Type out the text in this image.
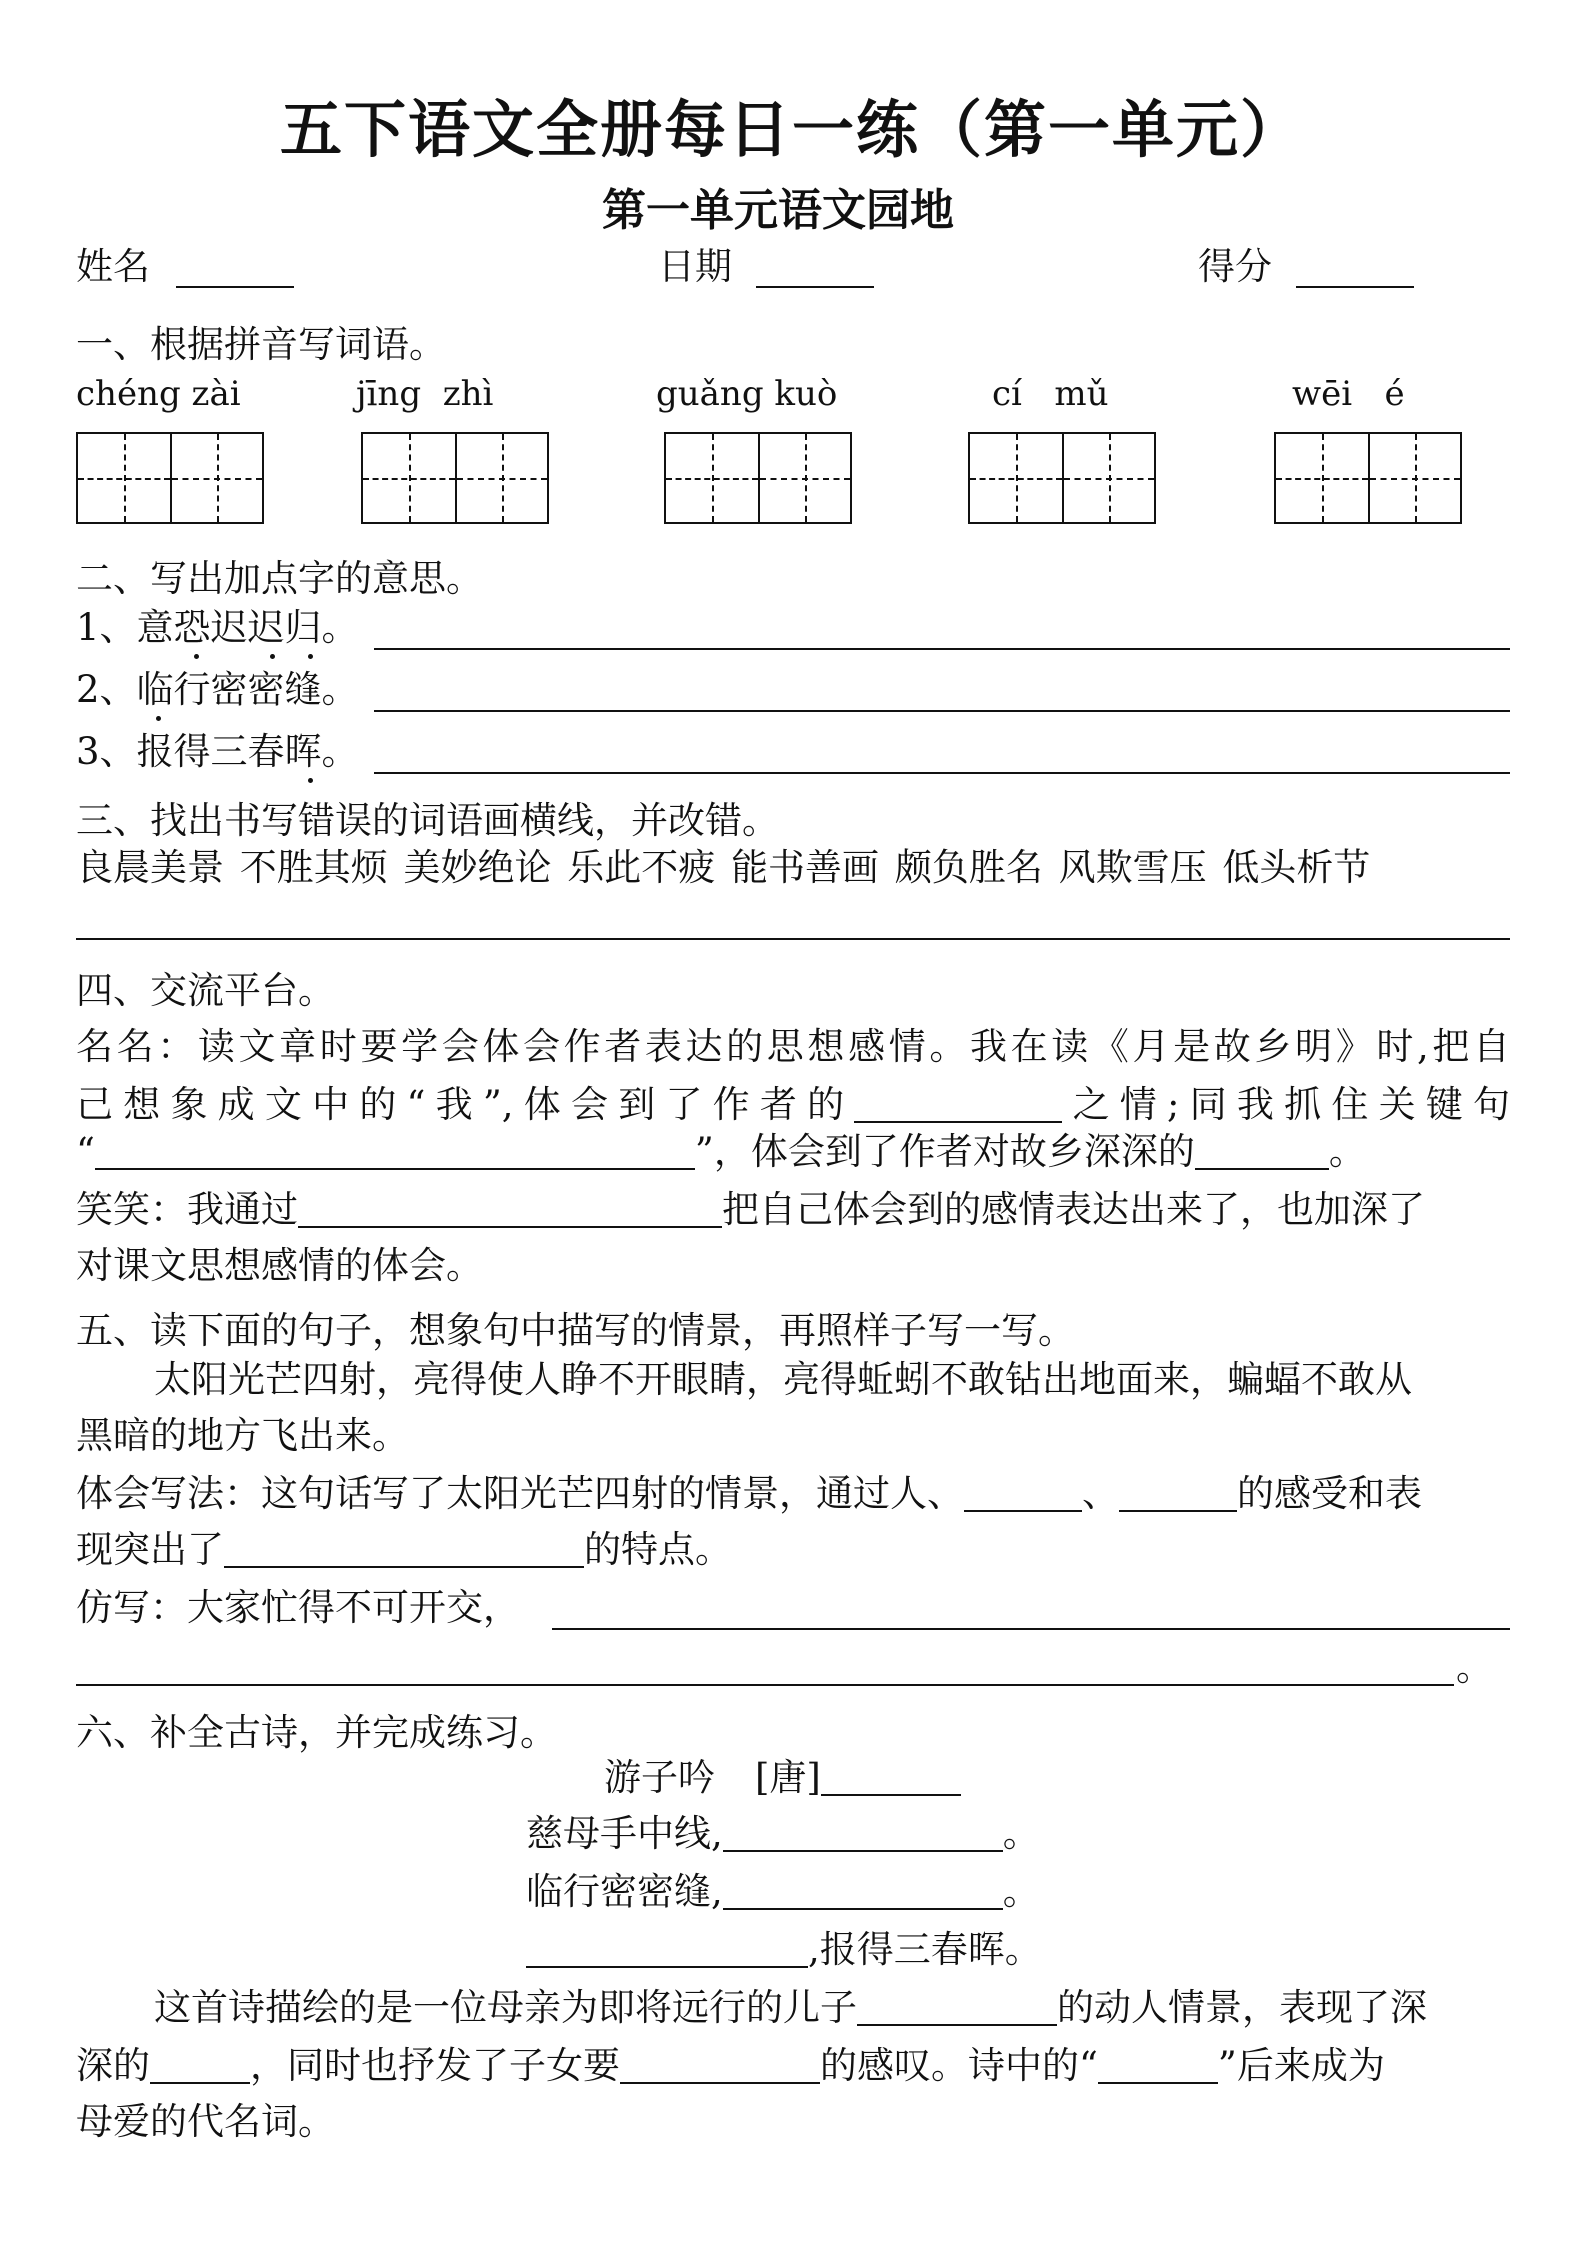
五下语文全册每日一练（第一单元）
第一单元语文园地
姓名	日期	得分
一、根据拼音写词语。
chéng zài	jīng  zhì	guǎng kuò	cí   mǔ	wēi   é
二、写出加点字的意思。
1、意恐迟迟归。
2、临行密密缝。
3、报得三春晖。
三、找出书写错误的词语画横线，并改错。
良晨美景 不胜其烦 美妙绝论 乐此不疲 能书善画 颇负胜名 风欺雪压 低头析节
四、交流平台。
名名：读文章时要学会体会作者表达的思想感情。我在读《月是故乡明》时,把自
己想象成文中的“我”,体会到了作者的	之情;同我抓住关键句
“	”，体会到了作者对故乡深深的	。
笑笑：我通过	把自己体会到的感情表达出来了，也加深了
对课文思想感情的体会。
五、读下面的句子，想象句中描写的情景，再照样子写一写。
太阳光芒四射，亮得使人睁不开眼睛，亮得蚯蚓不敢钻出地面来，蝙蝠不敢从
黑暗的地方飞出来。
体会写法：这句话写了太阳光芒四射的情景，通过人、	、	的感受和表
现突出了	的特点。
仿写：大家忙得不可开交，
。
六、补全古诗，并完成练习。
游子吟 [唐]
慈母手中线,	。
临行密密缝,	。
,报得三春晖。
这首诗描绘的是一位母亲为即将远行的儿子	的动人情景，表现了深
深的	，同时也抒发了子女要	的感叹。诗中的“	”后来成为
母爱的代名词。
